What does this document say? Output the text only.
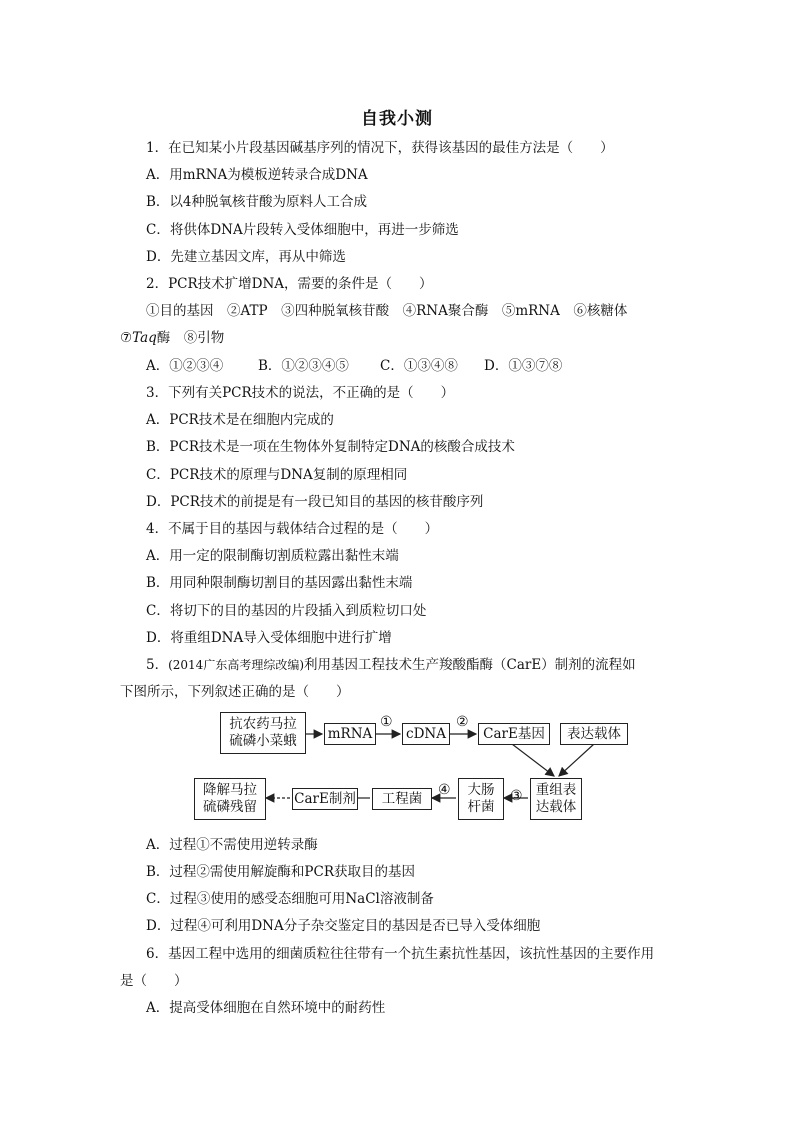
自我小测
1．在已知某小片段基因碱基序列的情况下，获得该基因的最佳方法是（　　）
A．用mRNA为模板逆转录合成DNA
B．以4种脱氧核苷酸为原料人工合成
C．将供体DNA片段转入受体细胞中，再进一步筛选
D．先建立基因文库，再从中筛选
2．PCR技术扩增DNA，需要的条件是（　　）
①目的基因　②ATP　③四种脱氧核苷酸　④RNA聚合酶　⑤mRNA　⑥核糖体
⑦Taq酶　⑧引物
A．①②③④	B．①②③④⑤ C．①③④⑧ D．①③⑦⑧
3．下列有关PCR技术的说法，不正确的是（　　）
A．PCR技术是在细胞内完成的
B．PCR技术是一项在生物体外复制特定DNA的核酸合成技术
C．PCR技术的原理与DNA复制的原理相同
D．PCR技术的前提是有一段已知目的基因的核苷酸序列
4．不属于目的基因与载体结合过程的是（　　）
A．用一定的限制酶切割质粒露出黏性末端
B．用同种限制酶切割目的基因露出黏性末端
C．将切下的目的基因的片段插入到质粒切口处
D．将重组DNA导入受体细胞中进行扩增
5．(2014广东高考理综改编)利用基因工程技术生产羧酸酯酶（CarE）制剂的流程如
下图所示，下列叙述正确的是（　　）
抗农药马拉
硫磷小菜蛾 mRNA	cDNA	CarE基因	表达载体
重组表
达载体
大肠
杆菌
工程菌
CarE制剂
降解马拉
硫磷残留
①	②
③
④
A．过程①不需使用逆转录酶
B．过程②需使用解旋酶和PCR获取目的基因
C．过程③使用的感受态细胞可用NaCl溶液制备
D．过程④可利用DNA分子杂交鉴定目的基因是否已导入受体细胞
6．基因工程中选用的细菌质粒往往带有一个抗生素抗性基因，该抗性基因的主要作用
是（　　）
A．提高受体细胞在自然环境中的耐药性
